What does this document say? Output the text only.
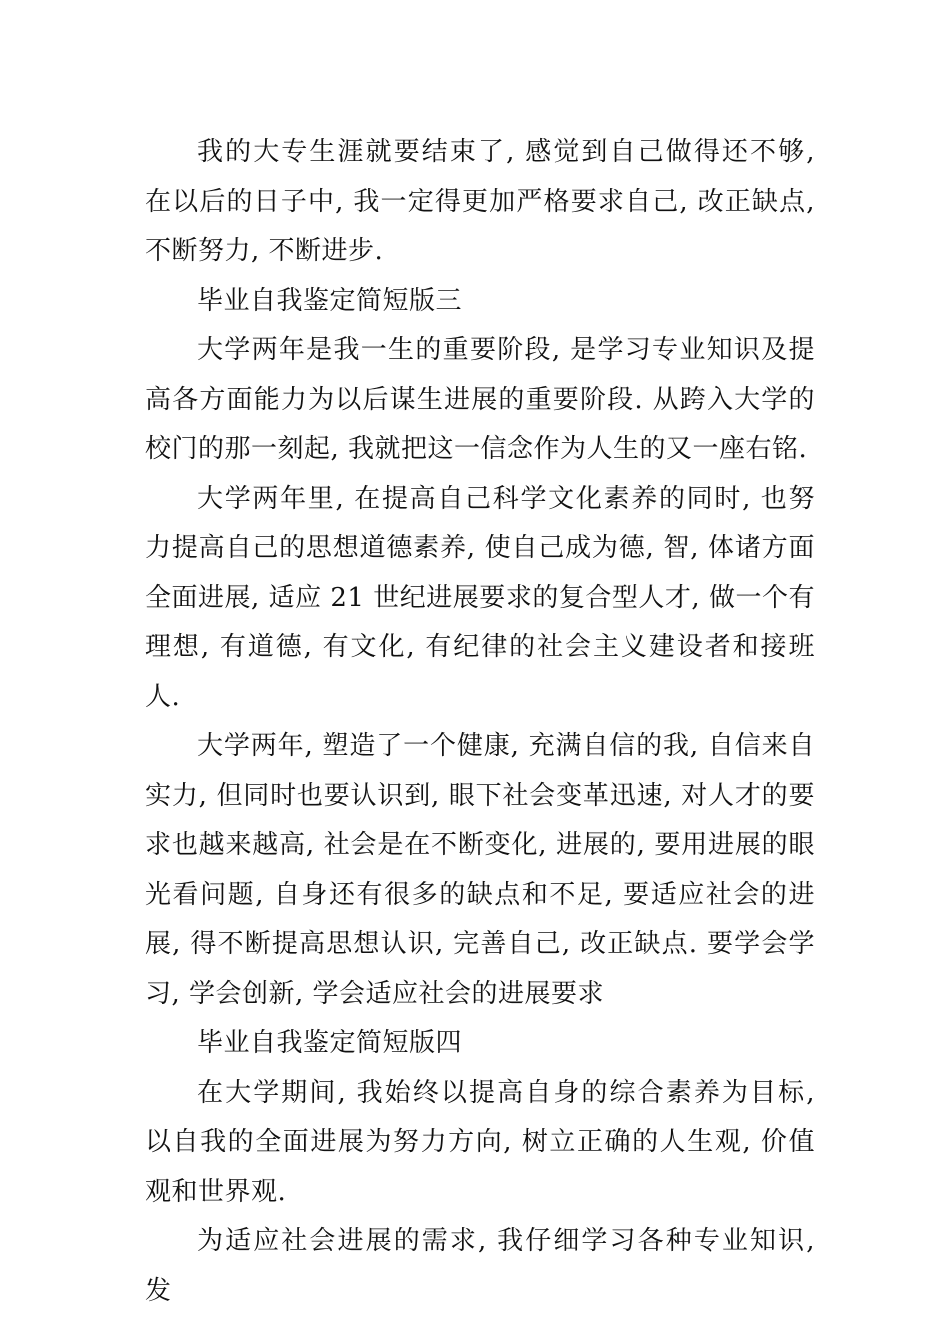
我的大专生涯就要结束了, 感觉到自己做得还不够, 在以后的日子中, 我一定得更加严格要求自己, 改正缺点, 不断努力, 不断进步.

毕业自我鉴定简短版三

大学两年是我一生的重要阶段, 是学习专业知识及提高各方面能力为以后谋生进展的重要阶段. 从跨入大学的校门的那一刻起, 我就把这一信念作为人生的又一座右铭.

大学两年里, 在提高自己科学文化素养的同时, 也努力提高自己的思想道德素养, 使自己成为德, 智, 体诸方面全面进展, 适应 21 世纪进展要求的复合型人才, 做一个有理想, 有道德, 有文化, 有纪律的社会主义建设者和接班人.

大学两年, 塑造了一个健康, 充满自信的我, 自信来自实力, 但同时也要认识到, 眼下社会变革迅速, 对人才的要求也越来越高, 社会是在不断变化, 进展的, 要用进展的眼光看问题, 自身还有很多的缺点和不足, 要适应社会的进展, 得不断提高思想认识, 完善自己, 改正缺点. 要学会学习, 学会创新, 学会适应社会的进展要求

毕业自我鉴定简短版四

在大学期间, 我始终以提高自身的综合素养为目标, 以自我的全面进展为努力方向, 树立正确的人生观, 价值观和世界观.

为适应社会进展的需求, 我仔细学习各种专业知识, 发
